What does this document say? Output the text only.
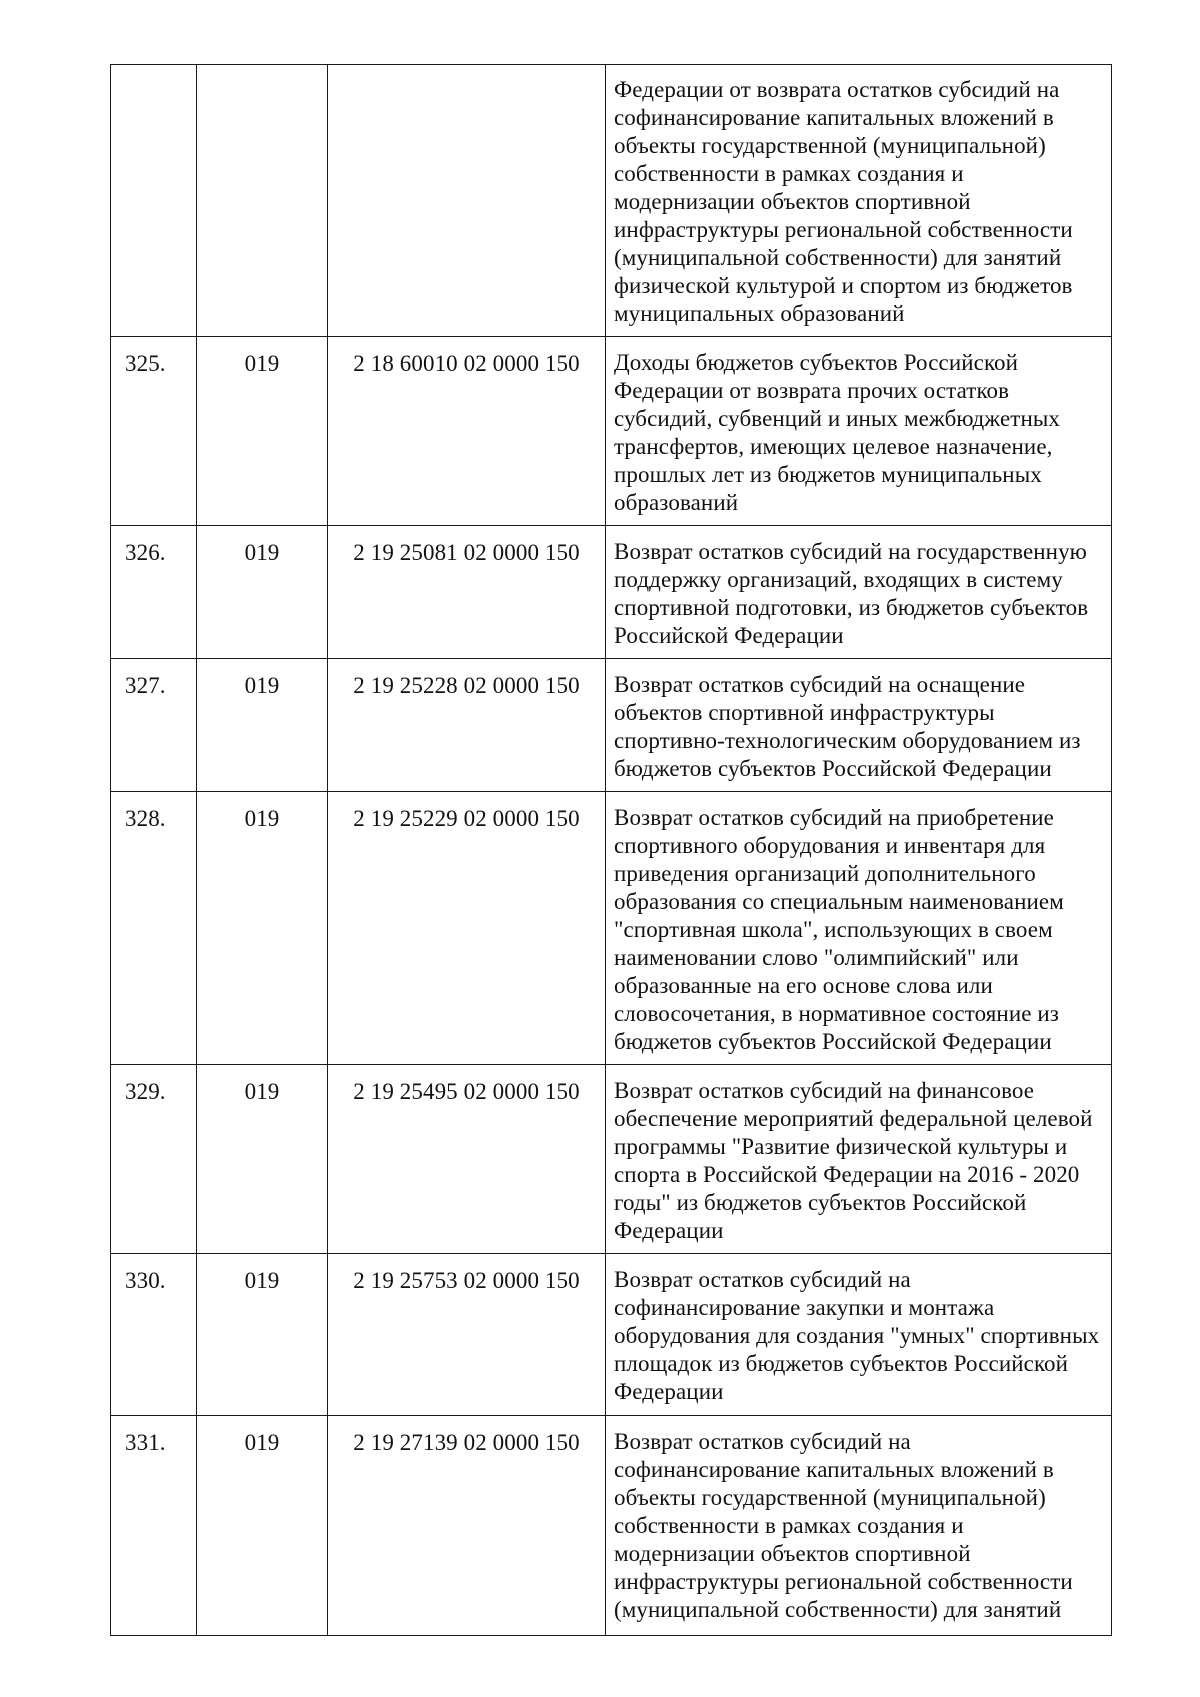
			Федерации от возврата остатков субсидий на софинансирование капитальных вложений в объекты государственной (муниципальной) собственности в рамках создания и модернизации объектов спортивной инфраструктуры региональной собственности (муниципальной собственности) для занятий физической культурой и спортом из бюджетов муниципальных образований

325.	019	2 18 60010 02 0000 150	Доходы бюджетов субъектов Российской Федерации от возврата прочих остатков субсидий, субвенций и иных межбюджетных трансфертов, имеющих целевое назначение, прошлых лет из бюджетов муниципальных образований

326.	019	2 19 25081 02 0000 150	Возврат остатков субсидий на государственную поддержку организаций, входящих в систему спортивной подготовки, из бюджетов субъектов Российской Федерации

327.	019	2 19 25228 02 0000 150	Возврат остатков субсидий на оснащение объектов спортивной инфраструктуры спортивно-технологическим оборудованием из бюджетов субъектов Российской Федерации

328.	019	2 19 25229 02 0000 150	Возврат остатков субсидий на приобретение спортивного оборудования и инвентаря для приведения организаций дополнительного образования со специальным наименованием "спортивная школа", использующих в своем наименовании слово "олимпийский" или образованные на его основе слова или словосочетания, в нормативное состояние из бюджетов субъектов Российской Федерации

329.	019	2 19 25495 02 0000 150	Возврат остатков субсидий на финансовое обеспечение мероприятий федеральной целевой программы "Развитие физической культуры и спорта в Российской Федерации на 2016 - 2020 годы" из бюджетов субъектов Российской Федерации

330.	019	2 19 25753 02 0000 150	Возврат остатков субсидий на софинансирование закупки и монтажа оборудования для создания "умных" спортивных площадок из бюджетов субъектов Российской Федерации

331.	019	2 19 27139 02 0000 150	Возврат остатков субсидий на софинансирование капитальных вложений в объекты государственной (муниципальной) собственности в рамках создания и модернизации объектов спортивной инфраструктуры региональной собственности (муниципальной собственности) для занятий
